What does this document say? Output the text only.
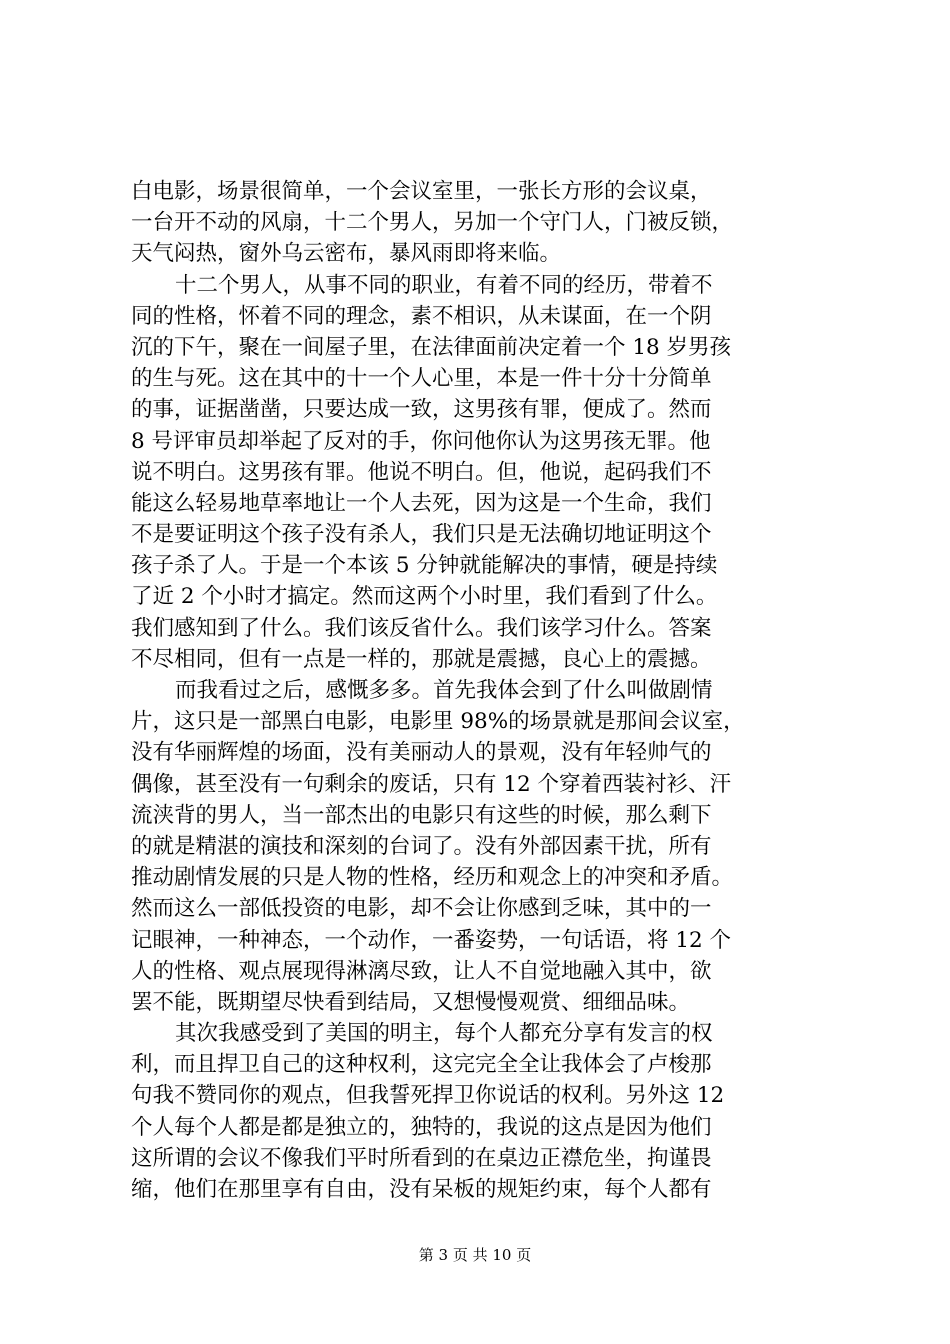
白电影，场景很简单，一个会议室里，一张长方形的会议桌，
一台开不动的风扇，十二个男人，另加一个守门人，门被反锁，
天气闷热，窗外乌云密布，暴风雨即将来临。
十二个男人，从事不同的职业，有着不同的经历，带着不
同的性格，怀着不同的理念，素不相识，从未谋面，在一个阴
沉的下午，聚在一间屋子里，在法律面前决定着一个 18 岁男孩
的生与死。这在其中的十一个人心里，本是一件十分十分简单
的事，证据凿凿，只要达成一致，这男孩有罪，便成了。然而
8 号评审员却举起了反对的手，你问他你认为这男孩无罪。他
说不明白。这男孩有罪。他说不明白。但，他说，起码我们不
能这么轻易地草率地让一个人去死，因为这是一个生命，我们
不是要证明这个孩子没有杀人，我们只是无法确切地证明这个
孩子杀了人。于是一个本该 5 分钟就能解决的事情，硬是持续
了近 2 个小时才搞定。然而这两个小时里，我们看到了什么。
我们感知到了什么。我们该反省什么。我们该学习什么。答案
不尽相同，但有一点是一样的，那就是震撼，良心上的震撼。
而我看过之后，感慨多多。首先我体会到了什么叫做剧情
片，这只是一部黑白电影，电影里 98%的场景就是那间会议室，
没有华丽辉煌的场面，没有美丽动人的景观，没有年轻帅气的
偶像，甚至没有一句剩余的废话，只有 12 个穿着西装衬衫、汗
流浃背的男人，当一部杰出的电影只有这些的时候，那么剩下
的就是精湛的演技和深刻的台词了。没有外部因素干扰，所有
推动剧情发展的只是人物的性格，经历和观念上的冲突和矛盾。
然而这么一部低投资的电影，却不会让你感到乏味，其中的一
记眼神，一种神态，一个动作，一番姿势，一句话语，将 12 个
人的性格、观点展现得淋漓尽致，让人不自觉地融入其中，欲
罢不能，既期望尽快看到结局，又想慢慢观赏、细细品味。
其次我感受到了美国的明主，每个人都充分享有发言的权
利，而且捍卫自己的这种权利，这完完全全让我体会了卢梭那
句我不赞同你的观点，但我誓死捍卫你说话的权利。另外这 12
个人每个人都是都是独立的，独特的，我说的这点是因为他们
这所谓的会议不像我们平时所看到的在桌边正襟危坐，拘谨畏
缩，他们在那里享有自由，没有呆板的规矩约束，每个人都有
第 3 页 共 10 页
